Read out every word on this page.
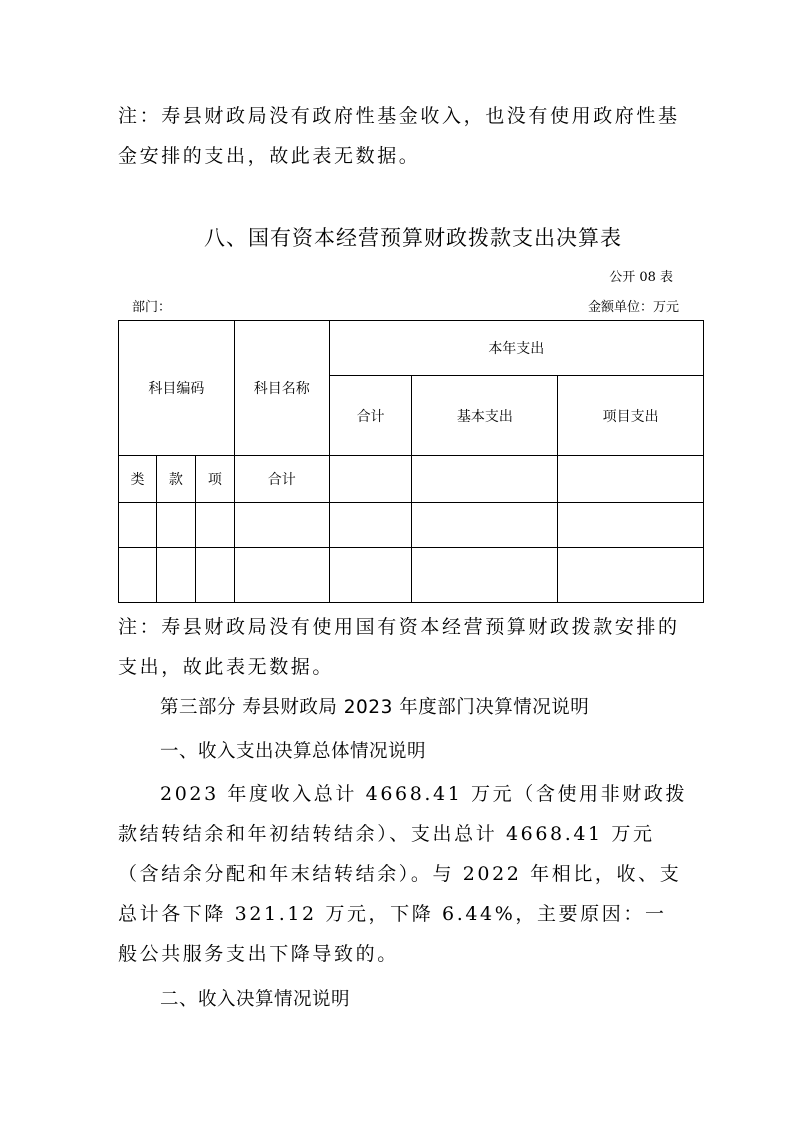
注：寿县财政局没有政府性基金收入，也没有使用政府性基金安排的支出，故此表无数据。

八、国有资本经营预算财政拨款支出决算表

公开 08 表

部门：	金额单位：万元

科目编码			科目名称	本年支出		
				合计	基本支出	项目支出
类	款	项	合计			

注：寿县财政局没有使用国有资本经营预算财政拨款安排的支出，故此表无数据。

第三部分 寿县财政局 2023 年度部门决算情况说明

一、收入支出决算总体情况说明

2023 年度收入总计 4668.41 万元（含使用非财政拨款结转结余和年初结转结余）、支出总计 4668.41 万元（含结余分配和年末结转结余）。与 2022 年相比，收、支总计各下降 321.12 万元，下降 6.44%，主要原因：一般公共服务支出下降导致的。

二、收入决算情况说明
